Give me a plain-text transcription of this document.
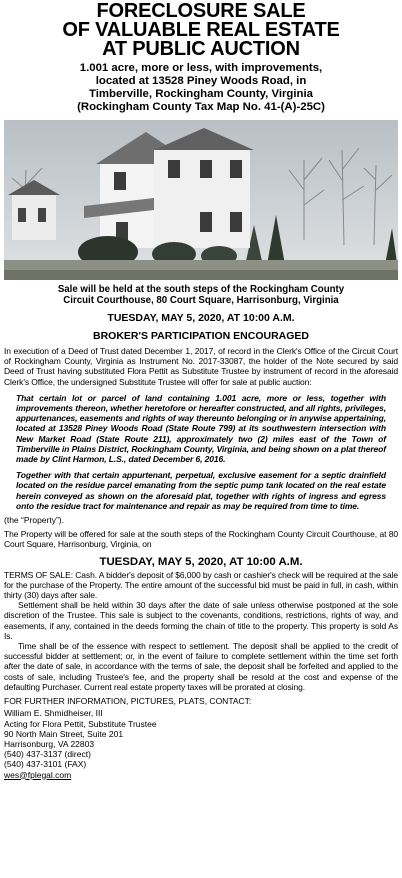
FORECLOSURE SALE
OF VALUABLE REAL ESTATE
AT PUBLIC AUCTION
1.001 acre, more or less, with improvements,
located at 13528 Piney Woods Road, in
Timberville, Rockingham County, Virginia
(Rockingham County Tax Map No. 41-(A)-25C)
Sale will be held at the south steps of the Rockingham County
Circuit Courthouse, 80 Court Square, Harrisonburg, Virginia
TUESDAY, MAY 5, 2020, AT 10:00 A.M.
BROKER'S PARTICIPATION ENCOURAGED

In execution of a Deed of Trust dated December 1, 2017, of record in the Clerk's Office of the Circuit Court of Rockingham County, Virginia as Instrument No. 2017-33087, the holder of the Note secured by said Deed of Trust having substituted Flora Pettit as Substitute Trustee by instrument of record in the aforesaid Clerk's Office, the undersigned Substitute Trustee will offer for sale at public auction:

That certain lot or parcel of land containing 1.001 acre, more or less, together with improvements thereon, whether heretofore or hereafter constructed, and all rights, privileges, appurtenances, easements and rights of way thereunto belonging or in anywise appertaining, located at 13528 Piney Woods Road (State Route 799) at its southwestern intersection with New Market Road (State Route 211), approximately two (2) miles east of the Town of Timberville in Plains District, Rockingham County, Virginia, and being shown on a plat thereof made by Clint Harmon, L.S., dated December 6, 2016.

Together with that certain appurtenant, perpetual, exclusive easement for a septic drainfield located on the residue parcel emanating from the septic pump tank located on the real estate herein conveyed as shown on the aforesaid plat, together with rights of ingress and egress onto the residue tract for maintenance and repair as may be required from time to time.

(the “Property”).

The Property will be offered for sale at the south steps of the Rockingham County Circuit Courthouse, at 80 Court Square, Harrisonburg, Virginia, on

TUESDAY, MAY 5, 2020, AT 10:00 A.M.

TERMS OF SALE: Cash. A bidder's deposit of $6,000 by cash or cashier's check will be required at the sale for the purchase of the Property. The entire amount of the successful bid must be paid in full, in cash, within thirty (30) days after sale.

Settlement shall be held within 30 days after the date of sale unless otherwise postponed at the sole discretion of the Trustee. This sale is subject to the covenants, conditions, restrictions, rights of way, and easements, if any, contained in the deeds forming the chain of title to the property. This property is sold As Is.

Time shall be of the essence with respect to settlement. The deposit shall be applied to the credit of successful bidder at settlement; or, in the event of failure to complete settlement within the time set forth after the date of sale, in accordance with the terms of sale, the deposit shall be forfeited and applied to the costs of sale, including Trustee's fee, and the property shall be resold at the cost and expense of the defaulting Purchaser. Current real estate property taxes will be prorated at closing.

FOR FURTHER INFORMATION, PICTURES, PLATS, CONTACT:

William E. Shmidheiser, III
Acting for Flora Pettit, Substitute Trustee
90 North Main Street, Suite 201
Harrisonburg, VA 22803
(540) 437-3137 (direct)
(540) 437-3101 (FAX)
wes@fplegal.com
